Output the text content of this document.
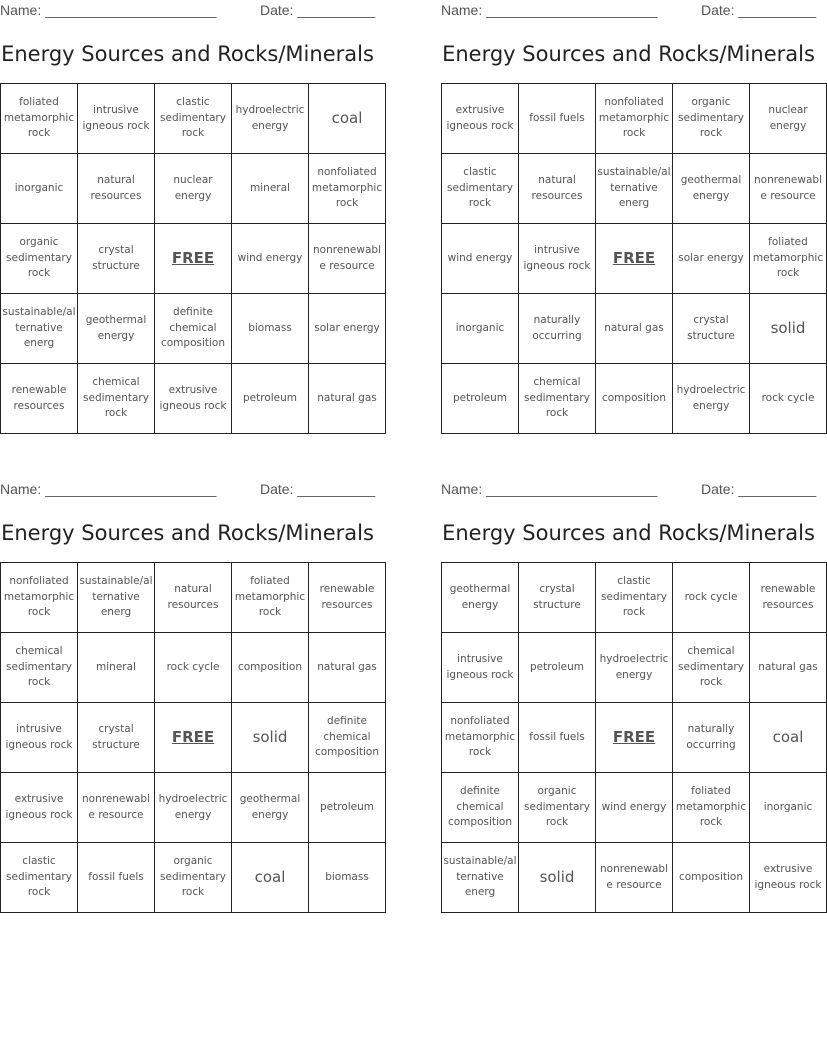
Name: ______________________	Date: __________
Energy Sources and Rocks/Minerals
foliated metamorphic rock	intrusive igneous rock	clastic sedimentary rock	hydroelectric energy	coal
inorganic	natural resources	nuclear energy	mineral	nonfoliated metamorphic rock
organic sedimentary rock	crystal structure	FREE	wind energy	nonrenewable resource
sustainable/alternative energ	geothermal energy	definite chemical composition	biomass	solar energy
renewable resources	chemical sedimentary rock	extrusive igneous rock	petroleum	natural gas
Name: ______________________	Date: __________
Energy Sources and Rocks/Minerals
extrusive igneous rock	fossil fuels	nonfoliated metamorphic rock	organic sedimentary rock	nuclear energy
clastic sedimentary rock	natural resources	sustainable/alternative energ	geothermal energy	nonrenewable resource
wind energy	intrusive igneous rock	FREE	solar energy	foliated metamorphic rock
inorganic	naturally occurring	natural gas	crystal structure	solid
petroleum	chemical sedimentary rock	composition	hydroelectric energy	rock cycle
Name: ______________________	Date: __________
Energy Sources and Rocks/Minerals
nonfoliated metamorphic rock	sustainable/alternative energ	natural resources	foliated metamorphic rock	renewable resources
chemical sedimentary rock	mineral	rock cycle	composition	natural gas
intrusive igneous rock	crystal structure	FREE	solid	definite chemical composition
extrusive igneous rock	nonrenewable resource	hydroelectric energy	geothermal energy	petroleum
clastic sedimentary rock	fossil fuels	organic sedimentary rock	coal	biomass
Name: ______________________	Date: __________
Energy Sources and Rocks/Minerals
geothermal energy	crystal structure	clastic sedimentary rock	rock cycle	renewable resources
intrusive igneous rock	petroleum	hydroelectric energy	chemical sedimentary rock	natural gas
nonfoliated metamorphic rock	fossil fuels	FREE	naturally occurring	coal
definite chemical composition	organic sedimentary rock	wind energy	foliated metamorphic rock	inorganic
sustainable/alternative energ	solid	nonrenewable resource	composition	extrusive igneous rock
